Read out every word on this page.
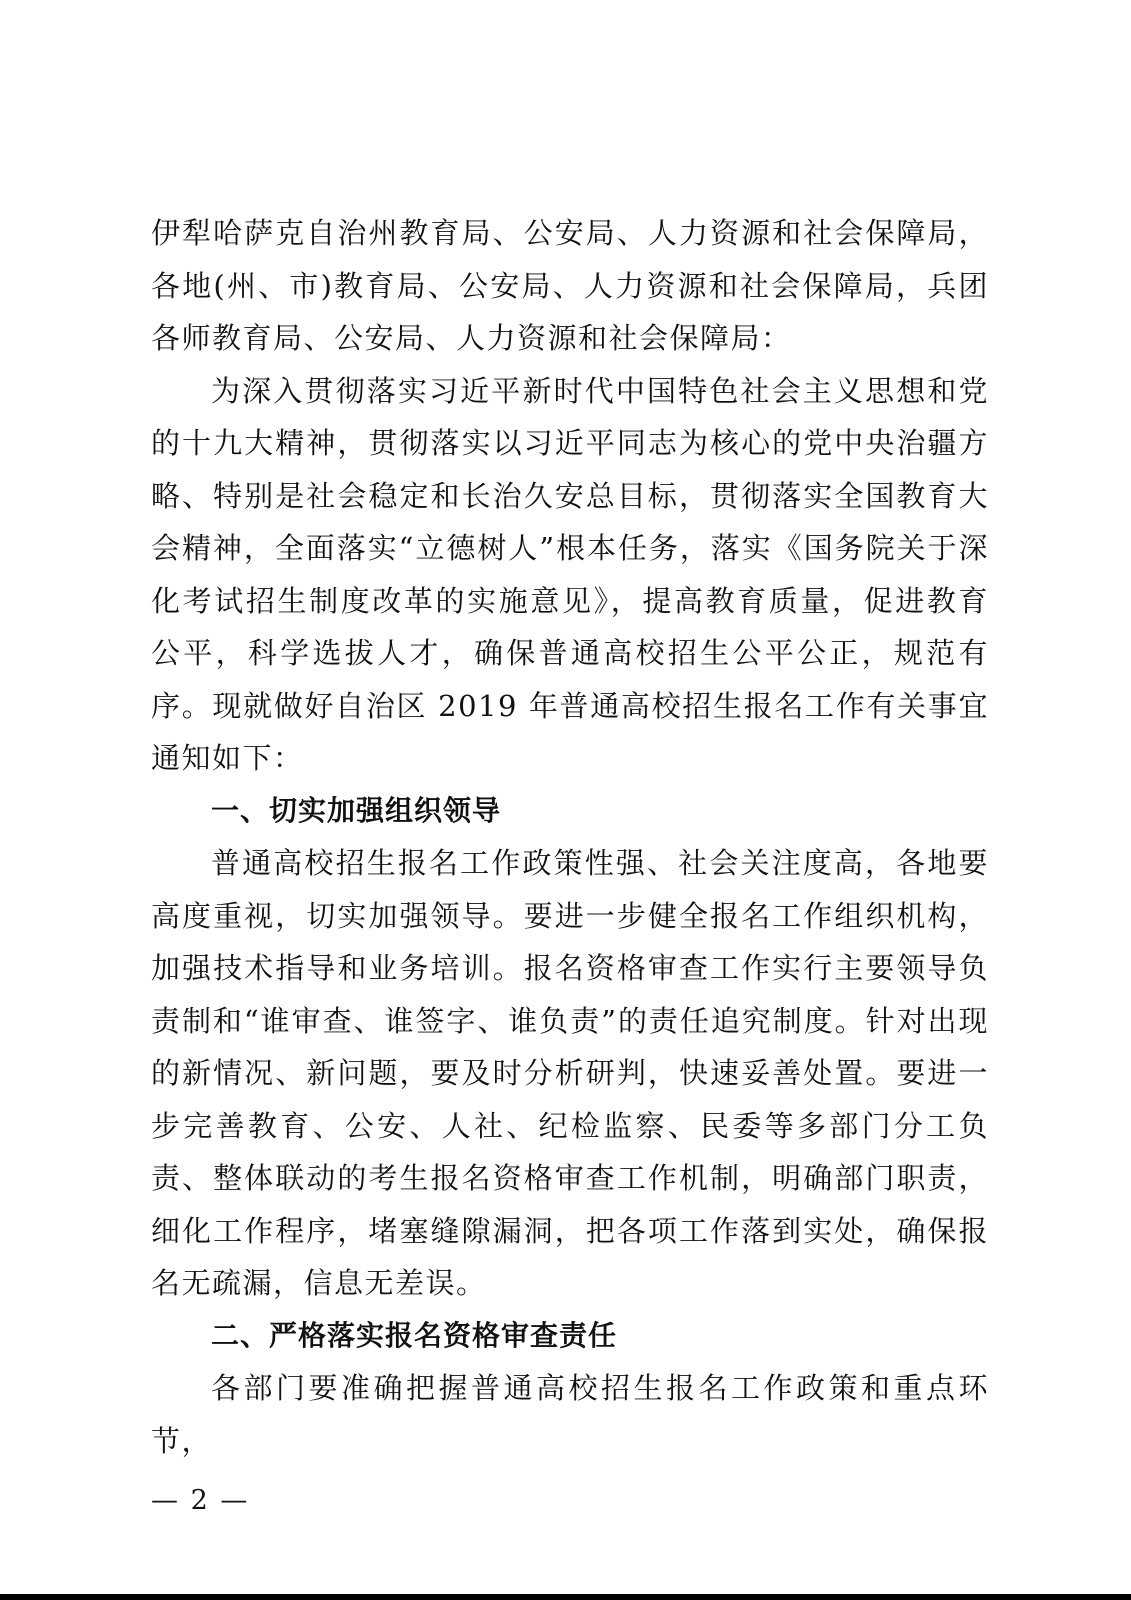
伊犁哈萨克自治州教育局、公安局、人力资源和社会保障局，各地(州、市)教育局、公安局、人力资源和社会保障局，兵团各师教育局、公安局、人力资源和社会保障局：

为深入贯彻落实习近平新时代中国特色社会主义思想和党的十九大精神，贯彻落实以习近平同志为核心的党中央治疆方略、特别是社会稳定和长治久安总目标，贯彻落实全国教育大会精神，全面落实“立德树人”根本任务，落实《国务院关于深化考试招生制度改革的实施意见》，提高教育质量，促进教育公平，科学选拔人才，确保普通高校招生公平公正，规范有序。现就做好自治区 2019 年普通高校招生报名工作有关事宜通知如下：

一、切实加强组织领导

普通高校招生报名工作政策性强、社会关注度高，各地要高度重视，切实加强领导。要进一步健全报名工作组织机构，加强技术指导和业务培训。报名资格审查工作实行主要领导负责制和“谁审查、谁签字、谁负责”的责任追究制度。针对出现的新情况、新问题，要及时分析研判，快速妥善处置。要进一步完善教育、公安、人社、纪检监察、民委等多部门分工负责、整体联动的考生报名资格审查工作机制，明确部门职责，细化工作程序，堵塞缝隙漏洞，把各项工作落到实处，确保报名无疏漏，信息无差误。

二、严格落实报名资格审查责任

各部门要准确把握普通高校招生报名工作政策和重点环节，

— 2 —
